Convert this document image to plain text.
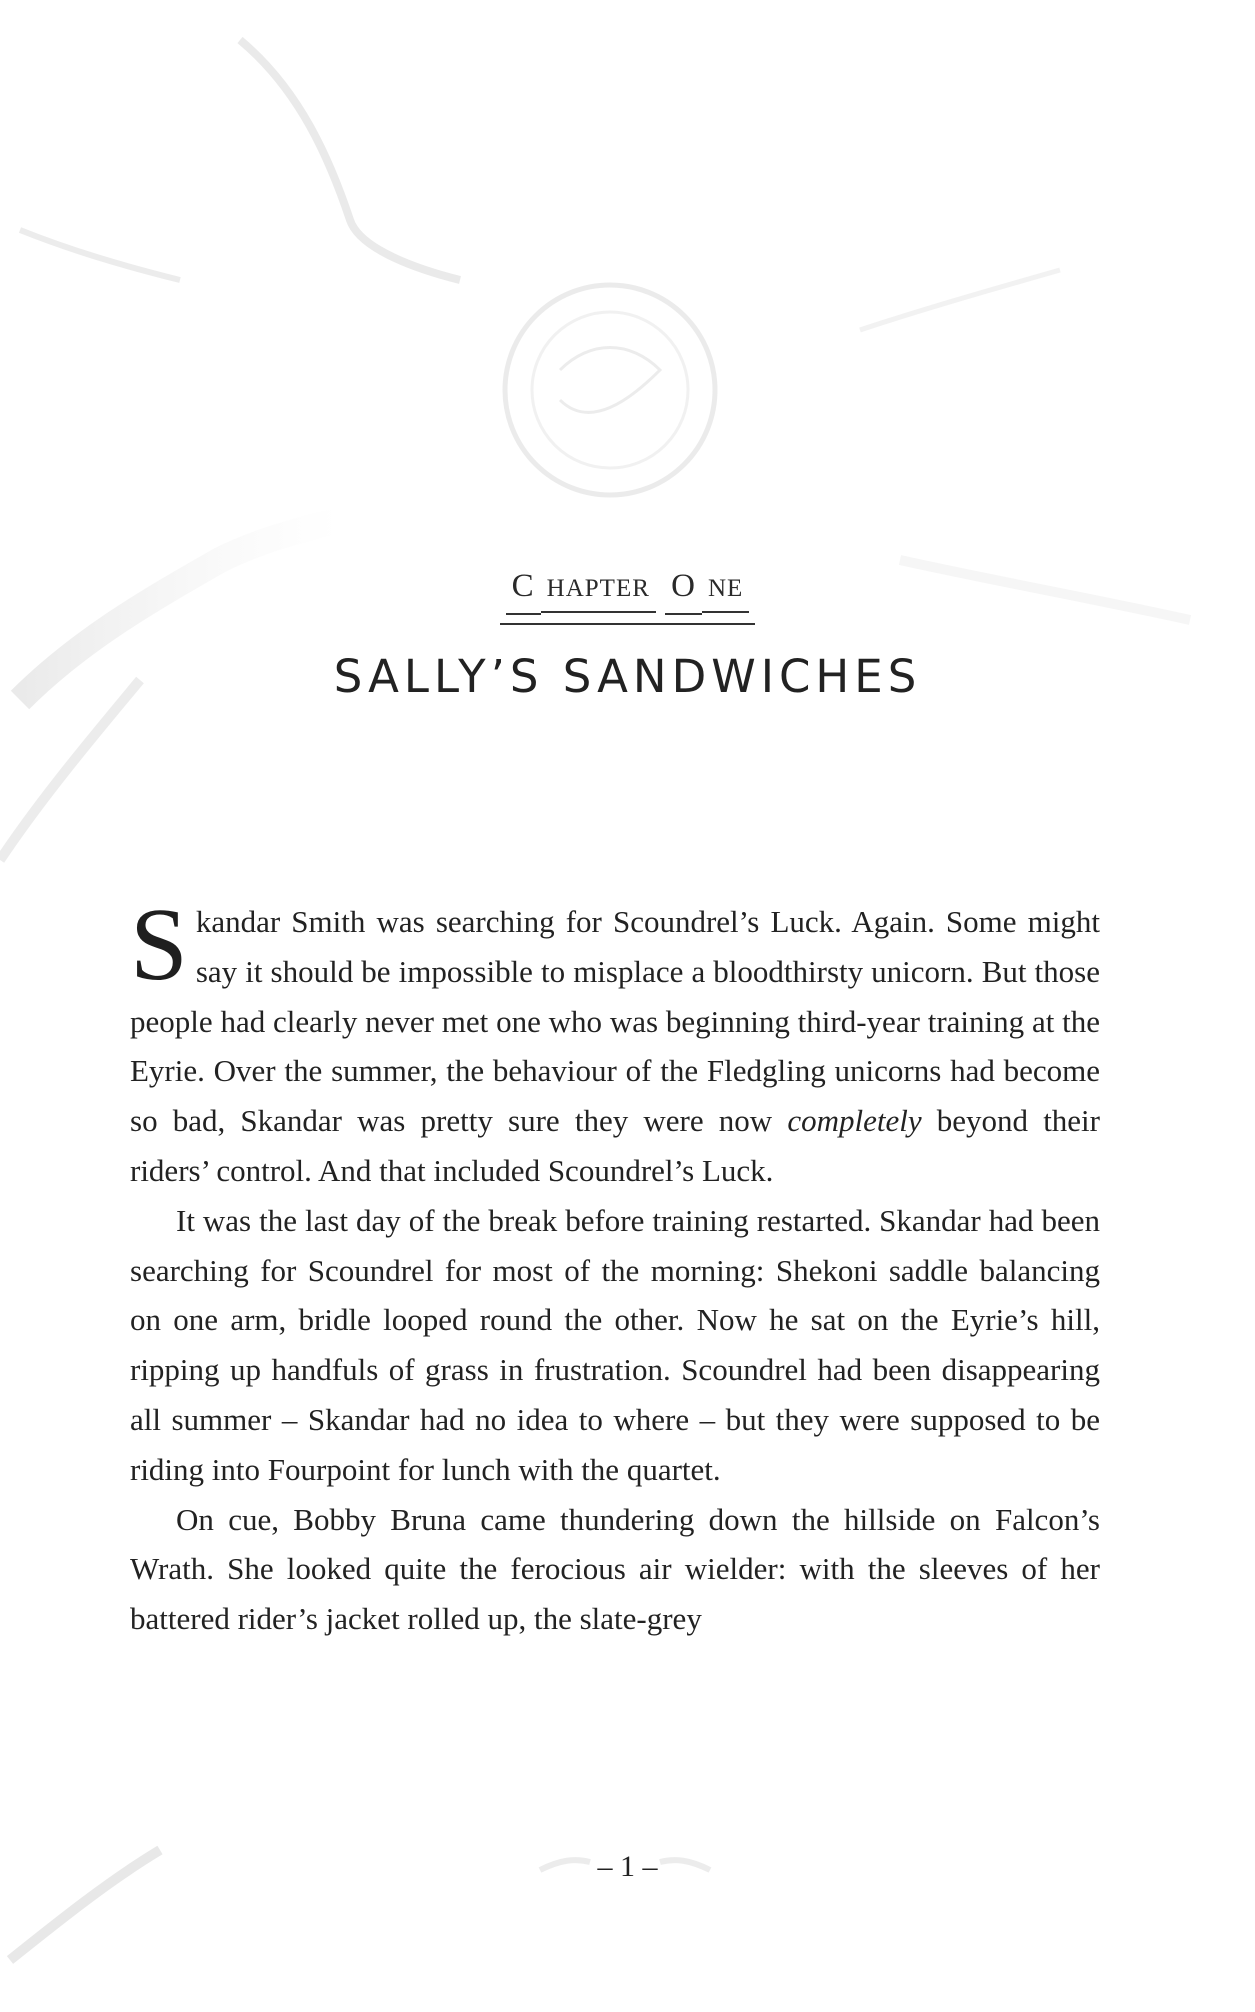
C HAPTER O NE
SALLY’S SANDWICHES

Skandar Smith was searching for Scoundrel’s Luck. Again. Some might say it should be impossible to misplace a bloodthirsty unicorn. But those people had clearly never met one who was beginning third-year training at the Eyrie. Over the summer, the behaviour of the Fledgling unicorns had become so bad, Skandar was pretty sure they were now completely beyond their riders’ control. And that included Scoundrel’s Luck.

It was the last day of the break before training restarted. Skandar had been searching for Scoundrel for most of the morning: Shekoni saddle balancing on one arm, bridle looped round the other. Now he sat on the Eyrie’s hill, ripping up handfuls of grass in frustration. Scoundrel had been disappearing all summer – Skandar had no idea to where – but they were supposed to be riding into Fourpoint for lunch with the quartet.

On cue, Bobby Bruna came thundering down the hillside on Falcon’s Wrath. She looked quite the ferocious air wielder: with the sleeves of her battered rider’s jacket rolled up, the slate-grey

– 1 –
